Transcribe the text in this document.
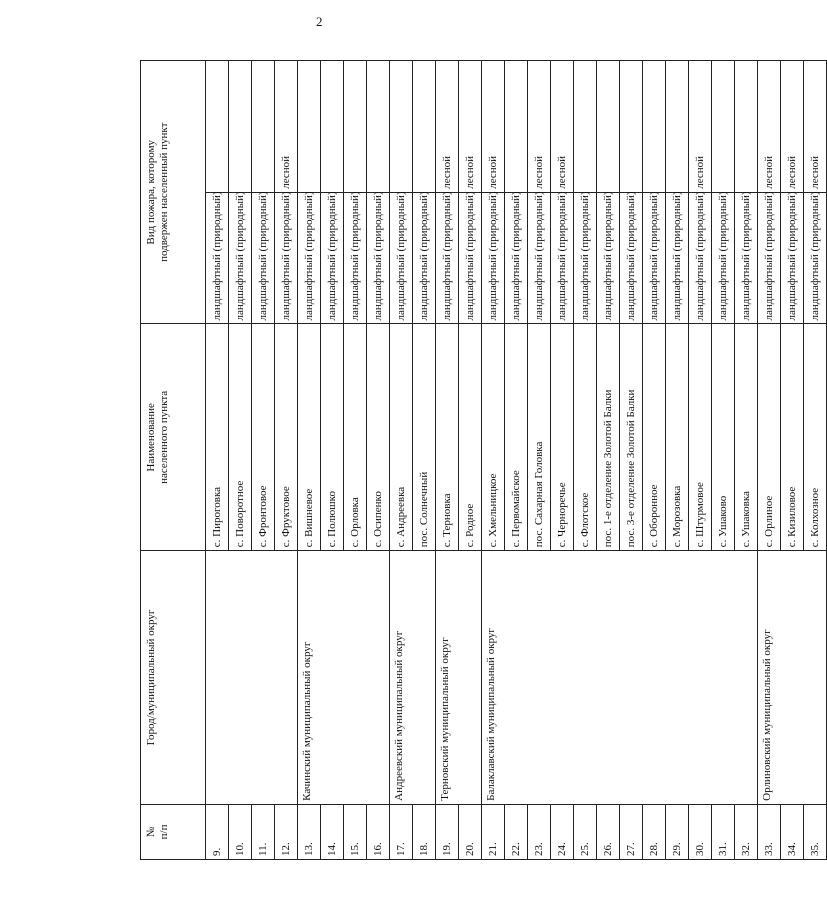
2
№ п/п	Город/муниципальный округ	Наименование населенного пункта	Вид пожара, которому подвержен населенный пункт	

9.		с. Пироговка	ландшафтный (природный)	
10.		с. Поворотное	ландшафтный (природный)	
11.		с. Фронтовое	ландшафтный (природный)	
12.		с. Фруктовое	ландшафтный (природный)	лесной
13.	Качинский муниципальный округ	с. Вишневое	ландшафтный (природный)	
14.		с. Полюшко	ландшафтный (природный)	
15.		с. Орловка	ландшафтный (природный)	
16.		с. Осипенко	ландшафтный (природный)	
17.	Андреевский муниципальный округ	с. Андреевка	ландшафтный (природный)	
18.		пос. Солнечный	ландшафтный (природный)	
19.	Терновский муниципальный округ	с. Терновка	ландшафтный (природный)	лесной
20.		с. Родное	ландшафтный (природный)	лесной
21.	Балаклавский муниципальный округ	с. Хмельницкое	ландшафтный (природный)	лесной
22.		с. Первомайское	ландшафтный (природный)	
23.		пос. Сахарная Головка	ландшафтный (природный)	лесной
24.		с. Черноречье	ландшафтный (природный)	лесной
25.		с. Флотское	ландшафтный (природный)	
26.		пос. 1-е отделение Золотой Балки	ландшафтный (природный)	
27.		пос. 3-е отделение Золотой Балки	ландшафтный (природный)	
28.		с. Оборонное	ландшафтный (природный)	
29.		с. Морозовка	ландшафтный (природный)	
30.		с. Штурмовое	ландшафтный (природный)	лесной
31.		с. Ушаково	ландшафтный (природный)	
32.		с. Ушаковка	ландшафтный (природный)	
33.	Орлиновский муниципальный округ	с. Орлиное	ландшафтный (природный)	лесной
34.		с. Кизиловое	ландшафтный (природный)	лесной
35.		с. Колхозное	ландшафтный (природный)	лесной
